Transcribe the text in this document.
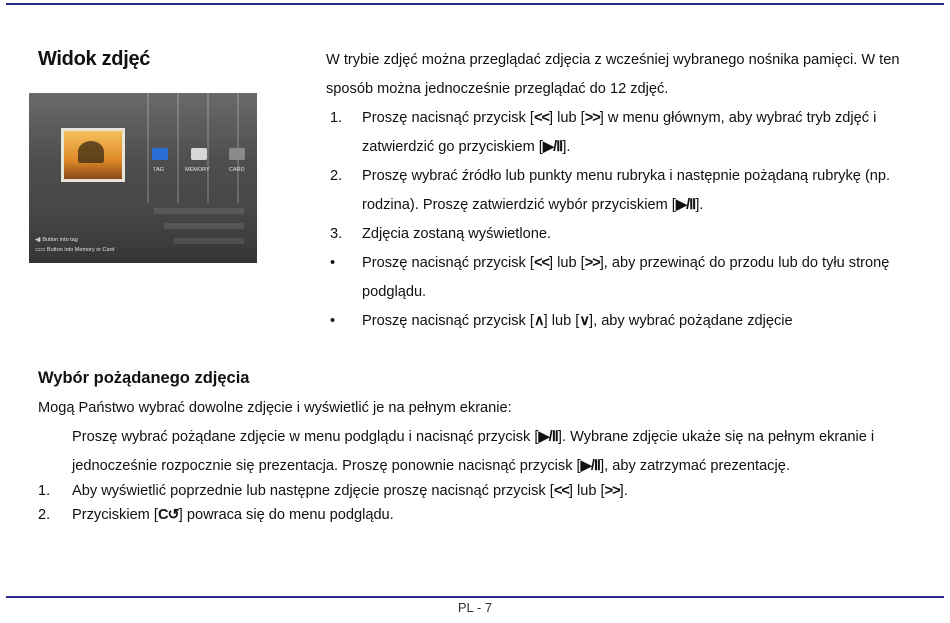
Widok zdjęć
TAG	MEMORY	CARD
◂▮ Button into tag
▭▭ Button into Memory or Card
W trybie zdjęć można przeglądać zdjęcia z wcześniej wybranego nośnika pamięci. W ten
sposób można jednocześnie przeglądać do 12 zdjęć.
1. Proszę nacisnąć przycisk [<<] lub [>>] w menu głównym, aby wybrać tryb zdjęć i
zatwierdzić go przyciskiem [▶/Ⅱ].
2. Proszę wybrać źródło lub punkty menu rubryka i następnie pożądaną rubrykę (np.
rodzina). Proszę zatwierdzić wybór przyciskiem [▶/Ⅱ].
3. Zdjęcia zostaną wyświetlone.
• Proszę nacisnąć przycisk [<<] lub [>>], aby przewinąć do przodu lub do tyłu stronę
podglądu.
• Proszę nacisnąć przycisk [∧] lub [∨], aby wybrać pożądane zdjęcie
Wybór pożądanego zdjęcia
Mogą Państwo wybrać dowolne zdjęcie i wyświetlić je na pełnym ekranie:
Proszę wybrać pożądane zdjęcie w menu podglądu i nacisnąć przycisk [▶/Ⅱ]. Wybrane zdjęcie ukaże się na pełnym ekranie i
jednocześnie rozpocznie się prezentacja. Proszę ponownie nacisnąć przycisk [▶/Ⅱ], aby zatrzymać prezentację.
1. Aby wyświetlić poprzednie lub następne zdjęcie proszę nacisnąć przycisk [<<] lub [>>].
2. Przyciskiem [C↺] powraca się do menu podglądu.
PL - 7
